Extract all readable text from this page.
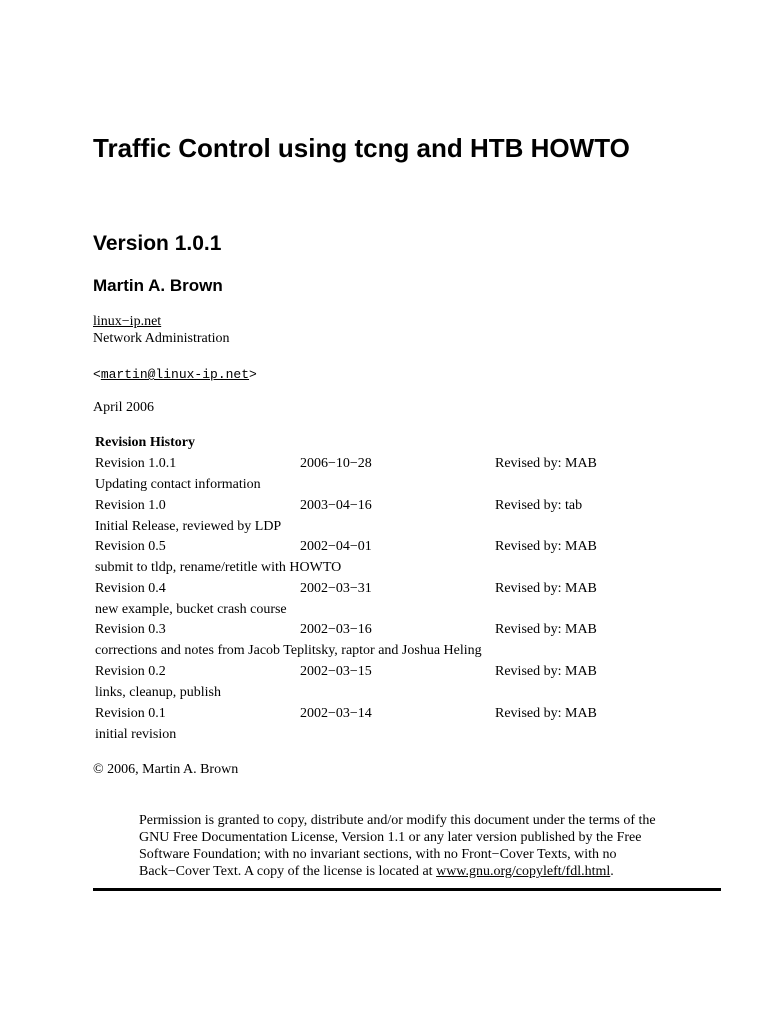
Traffic Control using tcng and HTB HOWTO
Version 1.0.1
Martin A. Brown
linux−ip.net
Network Administration
<martin@linux-ip.net>
April 2006
Revision History
Revision 1.0.1	2006−10−28	Revised by: MAB
Updating contact information
Revision 1.0	2003−04−16	Revised by: tab
Initial Release, reviewed by LDP
Revision 0.5	2002−04−01	Revised by: MAB
submit to tldp, rename/retitle with HOWTO
Revision 0.4	2002−03−31	Revised by: MAB
new example, bucket crash course
Revision 0.3	2002−03−16	Revised by: MAB
corrections and notes from Jacob Teplitsky, raptor and Joshua Heling
Revision 0.2	2002−03−15	Revised by: MAB
links, cleanup, publish
Revision 0.1	2002−03−14	Revised by: MAB
initial revision
© 2006, Martin A. Brown

Permission is granted to copy, distribute and/or modify this document under the terms of the

GNU Free Documentation License, Version 1.1 or any later version published by the Free

Software Foundation; with no invariant sections, with no Front−Cover Texts, with no

Back−Cover Text. A copy of the license is located at www.gnu.org/copyleft/fdl.html.
